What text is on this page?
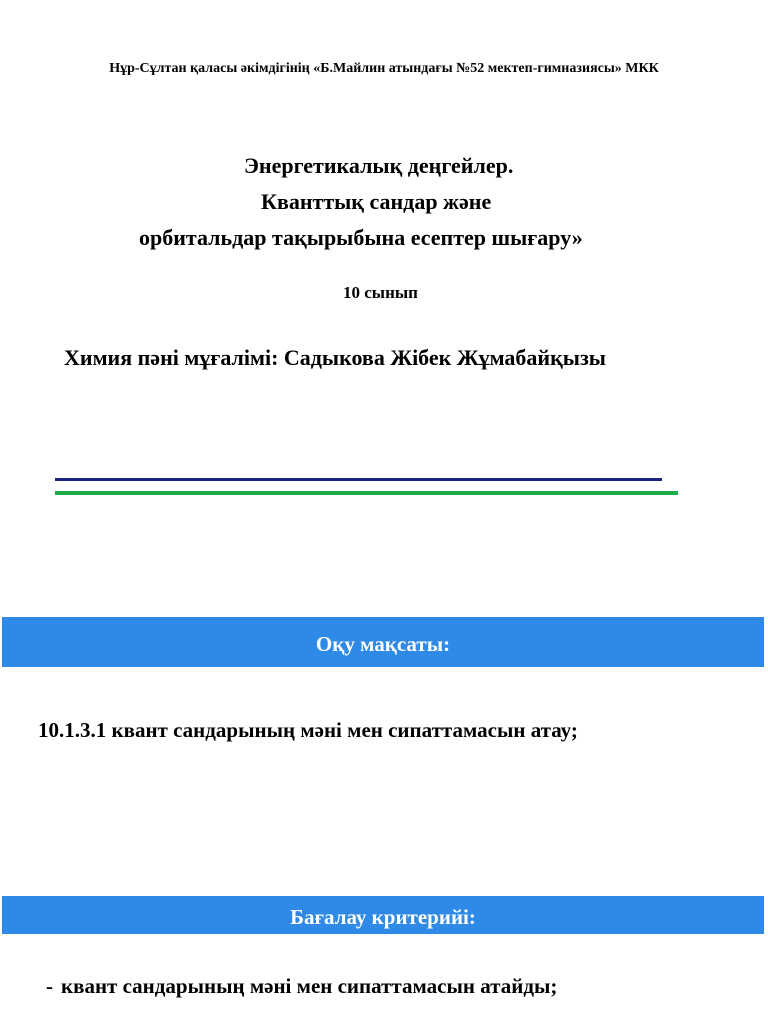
Нұр-Сұлтан қаласы әкімдігінің «Б.Майлин атындағы №52 мектеп-гимназиясы» МКК
Энергетикалық деңгейлер.
Кванттық сандар және
орбитальдар тақырыбына есептер шығару»
10 сынып
Химия пәні мұғалімі: Садыкова Жібек Жұмабайқызы
Оқу мақсаты:
10.1.3.1 квант сандарының мәні мен сипаттамасын атау;
Бағалау критерийі:
- квант сандарының мәні мен сипаттамасын атайды;
